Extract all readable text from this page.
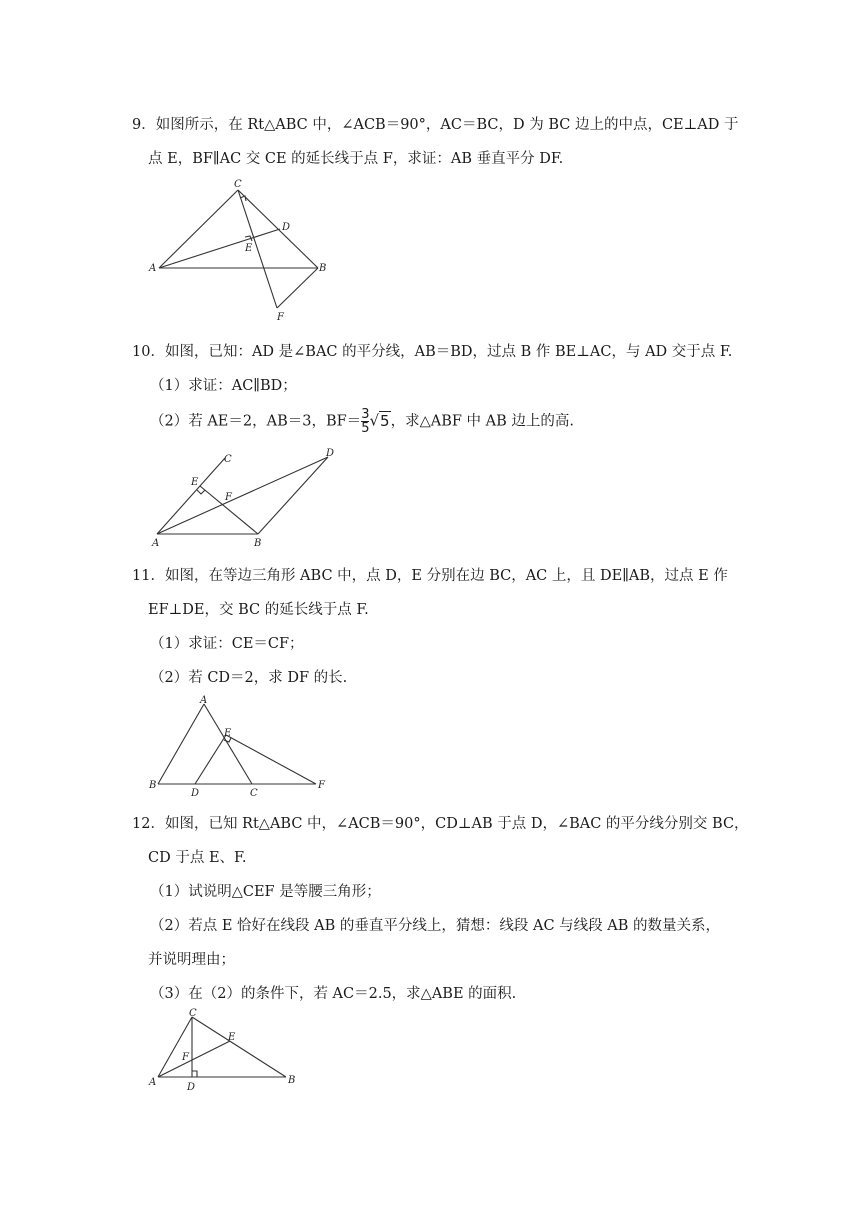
9．如图所示，在 Rt△ABC 中，∠ACB＝90°，AC＝BC，D 为 BC 边上的中点，CE⊥AD 于
点 E，BF∥AC 交 CE 的延长线于点 F，求证：AB 垂直平分 DF.
C
D
E
A	B
F
10．如图，已知：AD 是∠BAC 的平分线，AB＝BD，过点 B 作 BE⊥AC，与 AD 交于点 F.
（1）求证：AC∥BD；
（2）若 AE＝2，AB＝3，$BF= \frac{3}{5} √5$，求△ABF 中 AB 边上的高.
C
D
E
F
A	B
11．如图，在等边三角形 ABC 中，点 D，E 分别在边 BC，AC 上，且 DE∥AB，过点 E 作
EF⊥DE，交 BC 的延长线于点 F.
（1）求证：CE＝CF；
（2）若 CD＝2，求 DF 的长.
A
E
B
D	C
F
12．如图，已知 Rt△ABC 中，∠ACB＝90°，CD⊥AB 于点 D，∠BAC 的平分线分别交 BC，
CD 于点 E、F.
（1）试说明△CEF 是等腰三角形；
（2）若点 E 恰好在线段 AB 的垂直平分线上，猜想：线段 AC 与线段 AB 的数量关系，
并说明理由；
（3）在（2）的条件下，若 AC＝2.5，求△ABE 的面积.
C
E
F
A	D
B
